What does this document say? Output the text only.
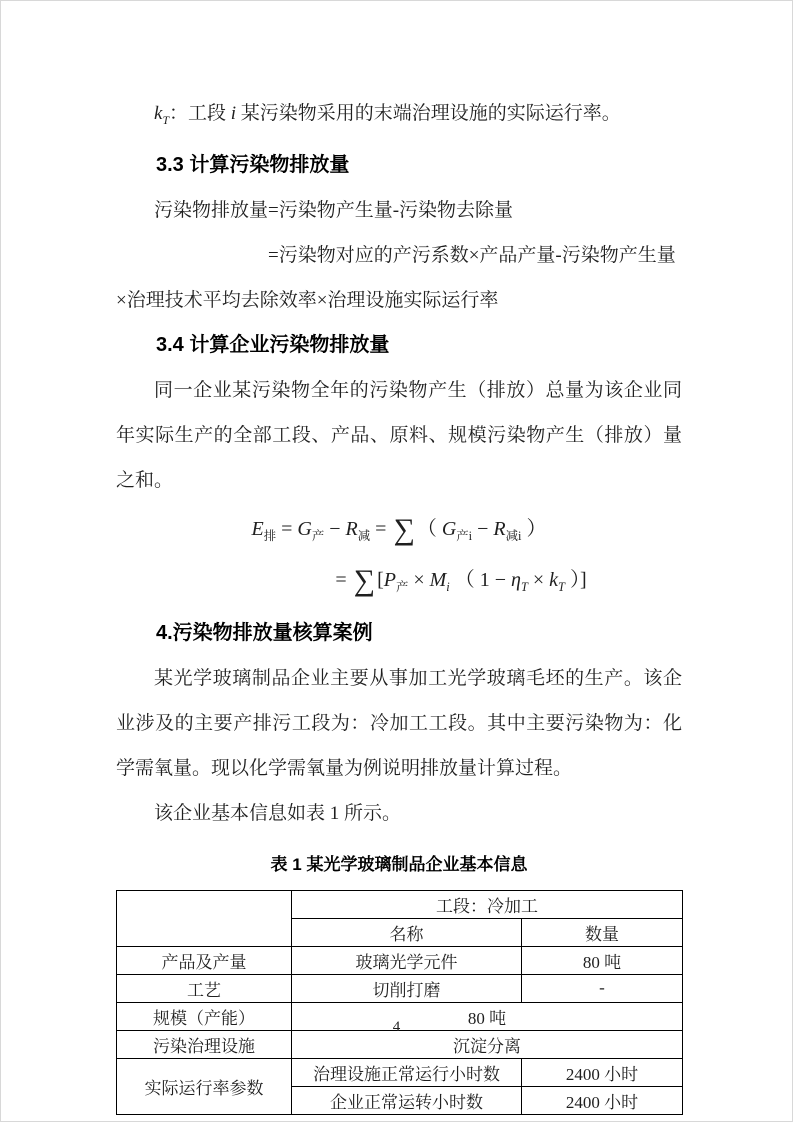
$k_T$：工段 i 某污染物采用的末端治理设施的实际运行率。
3.3 计算污染物排放量
污染物排放量=污染物产生量-污染物去除量
=污染物对应的产污系数×产品产量-污染物产生量
×治理技术平均去除效率×治理设施实际运行率
3.4 计算企业污染物排放量
同一企业某污染物全年的污染物产生（排放）总量为该企业同年实际生产的全部工段、产品、原料、规模污染物产生（排放）量之和。
$E_排 = G_产 - R_减$ = ∑ （ $G_{产i} - R_{减i}$ ）
= ∑ [$P_产 \times M_i$ （ $1 - \eta_T \times k_T$ ）]
4.污染物排放量核算案例
某光学玻璃制品企业主要从事加工光学玻璃毛坯的生产。该企业涉及的主要产排污工段为：冷加工工段。其中主要污染物为：化学需氧量。现以化学需氧量为例说明排放量计算过程。
该企业基本信息如表 1 所示。
表 1 某光学玻璃制品企业基本信息
	工段：冷加工	
	名称	数量
产品及产量	玻璃光学元件	80 吨
工艺	切削打磨	-
规模（产能）	80 吨	
污染治理设施	沉淀分离	
实际运行率参数	治理设施正常运行小时数	2400 小时
	企业正常运转小时数	2400 小时
4
